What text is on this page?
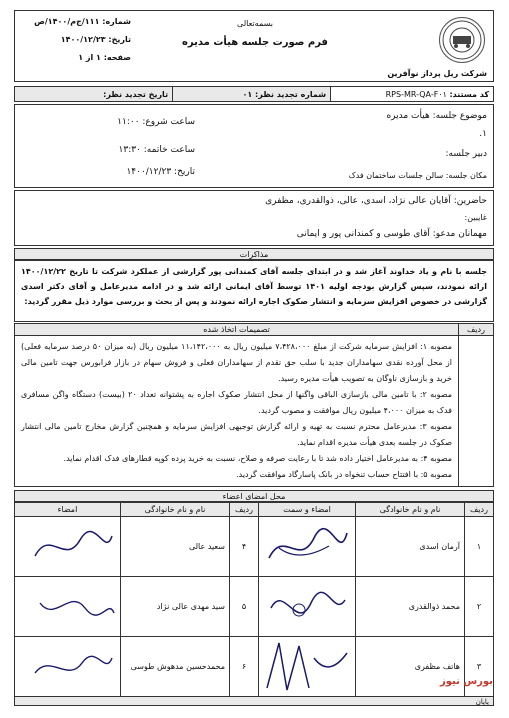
شرکت ریل پرداز نوآفرین
بسمه‌تعالی
فرم صورت جلسه هیأت مدیره
شماره: ۱۱۱/ج‌م/۱۴۰۰/ص
تاریخ: ۱۴۰۰/۱۲/۲۳
صفحه: ۱ از ۱
کد مستند: RPS-MR-QA-F۰۱	شماره تجدید نظر: ۰۱	تاریخ تجدید نظر:
موضوع جلسه: هیأت مدیره
۱.
دبیر جلسه:
مکان جلسه: سالن جلسات ساختمان فدک
ساعت شروع: ۱۱:۰۰
ساعت خاتمه: ۱۳:۳۰
تاریخ: ۱۴۰۰/۱۲/۲۳
حاضرین: آقایان عالی نژاد، اسدی، عالی، ذوالقدری، مظفری
غایبین:
مهمانان مدعو: آقای طوسی و کمندانی پور و ایمانی
مذاکرات
جلسه با نام و یاد خداوند آغاز شد و در ابتدای جلسه آقای کمندانی پور گزارشی از عملکرد شرکت تا تاریخ ۱۴۰۰/۱۲/۲۲ ارائه نمودند، سپس گزارش بودجه اولیه ۱۴۰۱ توسط آقای ایمانی ارائه شد و در ادامه مدیرعامل و آقای دکتر اسدی گزارشی در خصوص افزایش سرمایه و انتشار صکوک اجاره ارائه نمودند و پس از بحث و بررسی موارد ذیل مقرر گردید:
ردیف	تصمیمات اتخاذ شده

	مصوبه ۱: افزایش سرمایه شرکت از مبلغ ۷،۴۲۸،۰۰۰ میلیون ریال به ۱۱،۱۴۲،۰۰۰ میلیون ریال (به میزان ۵۰ درصد سرمایه فعلی) از محل آورده نقدی سهامداران جدید با سلب حق تقدم از سهامداران فعلی و فروش سهام در بازار فرابورس جهت تامین مالی خرید و بازسازی ناوگان به تصویب هیأت مدیره رسید.
مصوبه ۲: با تامین مالی بازسازی الباقی واگنها از محل انتشار صکوک اجاره به پشتوانه تعداد ۲۰ (بیست) دستگاه واگن مسافری فدک به میزان ۴،۰۰۰ میلیون ریال موافقت و مصوب گردید.
مصوبه ۳: مدیرعامل محترم نسبت به تهیه و ارائه گزارش توجیهی افزایش سرمایه و همچنین گزارش مخارج تامین مالی انتشار صکوک در جلسه بعدی هیأت مدیره اقدام نماید.
مصوبه ۴: به مدیرعامل اختیار داده شد تا با رعایت صرفه و صلاح، نسبت به خرید پرده کوپه قطارهای فدک اقدام نماید.
مصوبه ۵: با افتتاح حساب تنخواه در بانک پاسارگاد موافقت گردید.
محل امضای اعضاء
ردیف	نام و نام خانوادگی	امضاء و سمت	ردیف	نام و نام خانوادگی	امضاء
۱	آرمان اسدی		۴	سعید عالی	

۲	محمد ذوالقدری		۵	سید مهدی عالی نژاد	

۳	هاتف مظفری		۶	محمدحسین مدهوش طوسی	
پایان
بورس نیوز
